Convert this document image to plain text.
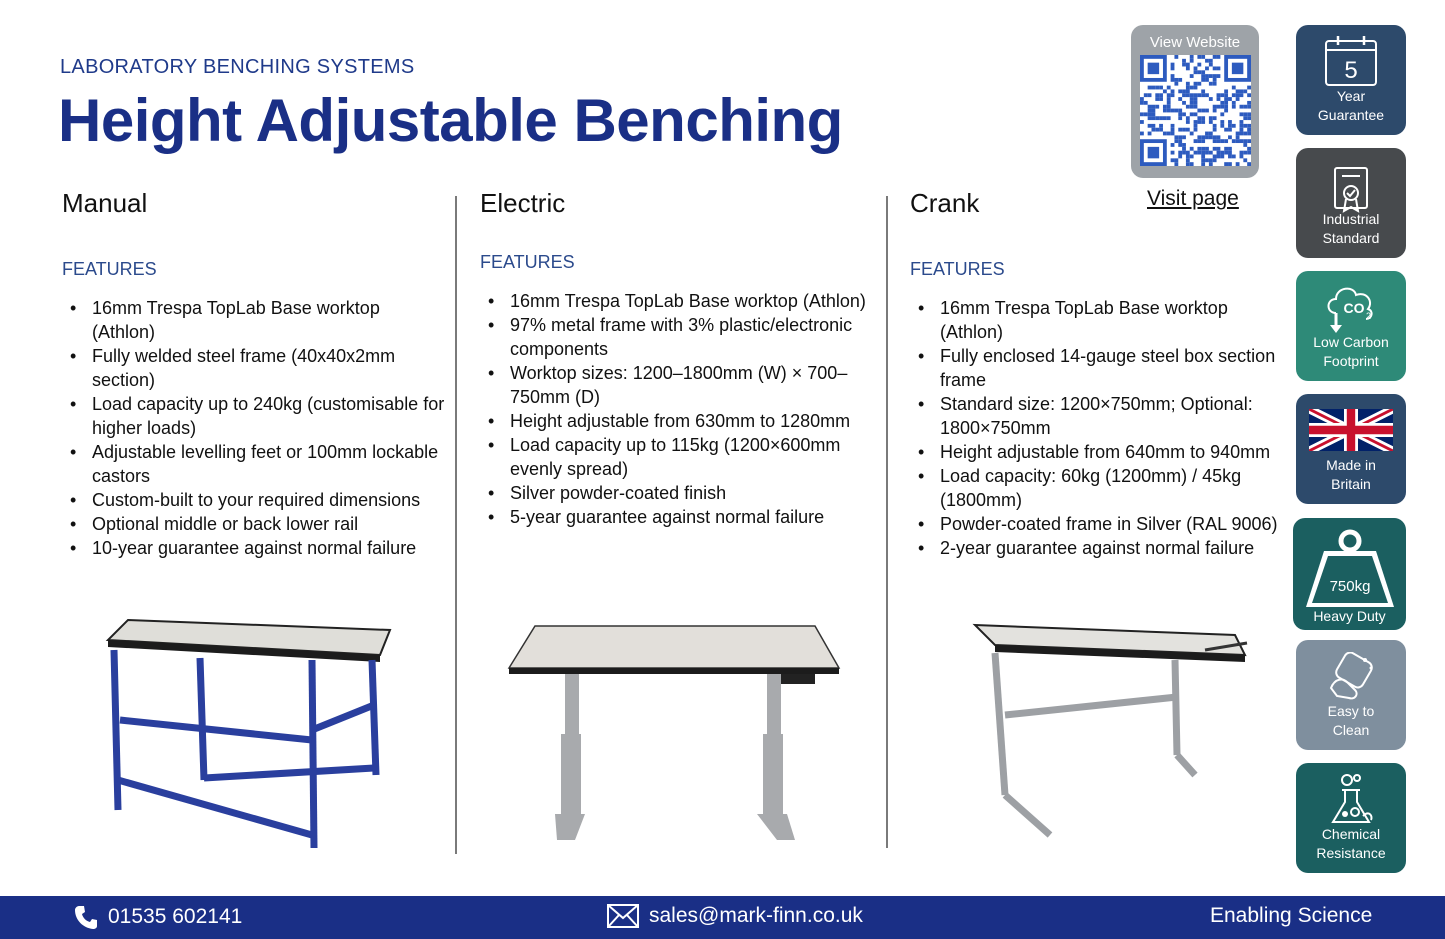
LABORATORY BENCHING SYSTEMS
Height Adjustable Benching
Manual
FEATURES
• 16mm Trespa TopLab Base worktop (Athlon)
• Fully welded steel frame (40x40x2mm section)
• Load capacity up to 240kg (customisable for higher loads)
• Adjustable levelling feet or 100mm lockable castors
• Custom-built to your required dimensions
• Optional middle or back lower rail
• 10-year guarantee against normal failure
Electric
FEATURES
• 16mm Trespa TopLab Base worktop (Athlon)
• 97% metal frame with 3% plastic/electronic components
• Worktop sizes: 1200–1800mm (W) × 700–750mm (D)
• Height adjustable from 630mm to 1280mm
• Load capacity up to 115kg (1200×600mm evenly spread)
• Silver powder-coated finish
• 5-year guarantee against normal failure
Crank
FEATURES
• 16mm Trespa TopLab Base worktop (Athlon)
• Fully enclosed 14-gauge steel box section frame
• Standard size: 1200×750mm; Optional: 1800×750mm
• Height adjustable from 640mm to 940mm
• Load capacity: 60kg (1200mm) / 45kg (1800mm)
• Powder-coated frame in Silver (RAL 9006)
• 2-year guarantee against normal failure
View Website
Visit page
5
Year
Guarantee
Industrial
Standard
CO 2
Low Carbon
Footprint
Made in
Britain
750kg
Heavy Duty
Easy to
Clean
Chemical
Resistance
01535 602141	sales@mark-finn.co.uk	Enabling Science
